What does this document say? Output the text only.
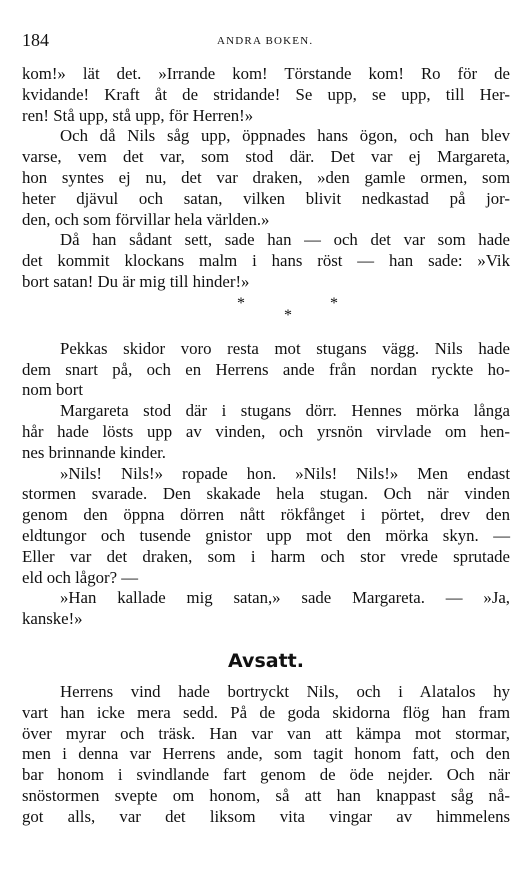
184	ANDRA BOKEN.
kom!» lät det. »Irrande kom! Törstande kom! Ro för de
kvidande! Kraft åt de stridande! Se upp, se upp, till Her-
ren! Stå upp, stå upp, för Herren!»
Och då Nils såg upp, öppnades hans ögon, och han blev
varse, vem det var, som stod där. Det var ej Margareta,
hon syntes ej nu, det var draken, »den gamle ormen, som
heter djävul och satan, vilken blivit nedkastad på jor-
den, och som förvillar hela världen.»
Då han sådant sett, sade han — och det var som hade
det kommit klockans malm i hans röst — han sade: »Vik
bort satan! Du är mig till hinder!»
*	*
*
Pekkas skidor voro resta mot stugans vägg. Nils hade
dem snart på, och en Herrens ande från nordan ryckte ho-
nom bort
Margareta stod där i stugans dörr. Hennes mörka långa
hår hade lösts upp av vinden, och yrsnön virvlade om hen-
nes brinnande kinder.
»Nils! Nils!» ropade hon. »Nils! Nils!» Men endast
stormen svarade. Den skakade hela stugan. Och när vinden
genom den öppna dörren nått rökfånget i pörtet, drev den
eldtungor och tusende gnistor upp mot den mörka skyn. —
Eller var det draken, som i harm och stor vrede sprutade
eld och lågor? —
»Han kallade mig satan,» sade Margareta. — »Ja,
kanske!»
Avsatt.
Herrens vind hade bortryckt Nils, och i Alatalos hy
vart han icke mera sedd. På de goda skidorna flög han fram
över myrar och träsk. Han var van att kämpa mot stormar,
men i denna var Herrens ande, som tagit honom fatt, och den
bar honom i svindlande fart genom de öde nejder. Och när
snöstormen svepte om honom, så att han knappast såg nå-
got alls, var det liksom vita vingar av himmelens
